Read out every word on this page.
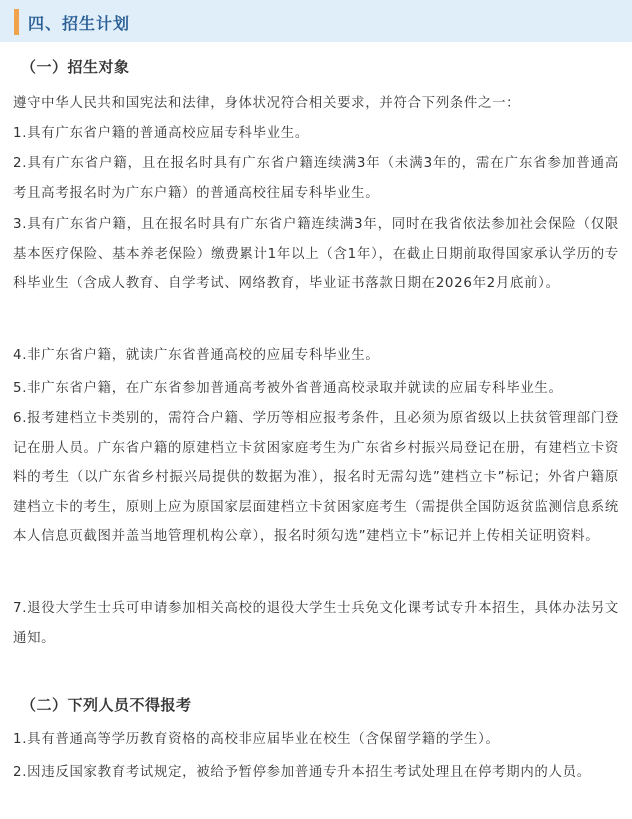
四、招生计划
（一）招生对象
遵守中华人民共和国宪法和法律，身体状况符合相关要求，并符合下列条件之一：
1.具有广东省户籍的普通高校应届专科毕业生。
2.具有广东省户籍，且在报名时具有广东省户籍连续满3年（未满3年的，需在广东省参加普通高考且高考报名时为广东户籍）的普通高校往届专科毕业生。
3.具有广东省户籍，且在报名时具有广东省户籍连续满3年，同时在我省依法参加社会保险（仅限基本医疗保险、基本养老保险）缴费累计1年以上（含1年），在截止日期前取得国家承认学历的专科毕业生（含成人教育、自学考试、网络教育，毕业证书落款日期在2026年2月底前）。
4.非广东省户籍，就读广东省普通高校的应届专科毕业生。
5.非广东省户籍，在广东省参加普通高考被外省普通高校录取并就读的应届专科毕业生。
6.报考建档立卡类别的，需符合户籍、学历等相应报考条件，且必须为原省级以上扶贫管理部门登记在册人员。广东省户籍的原建档立卡贫困家庭考生为广东省乡村振兴局登记在册，有建档立卡资料的考生（以广东省乡村振兴局提供的数据为准），报名时无需勾选”建档立卡”标记；外省户籍原建档立卡的考生，原则上应为原国家层面建档立卡贫困家庭考生（需提供全国防返贫监测信息系统本人信息页截图并盖当地管理机构公章），报名时须勾选”建档立卡”标记并上传相关证明资料。
7.退役大学生士兵可申请参加相关高校的退役大学生士兵免文化课考试专升本招生，具体办法另文通知。
（二）下列人员不得报考
1.具有普通高等学历教育资格的高校非应届毕业在校生（含保留学籍的学生）。
2.因违反国家教育考试规定，被给予暂停参加普通专升本招生考试处理且在停考期内的人员。
